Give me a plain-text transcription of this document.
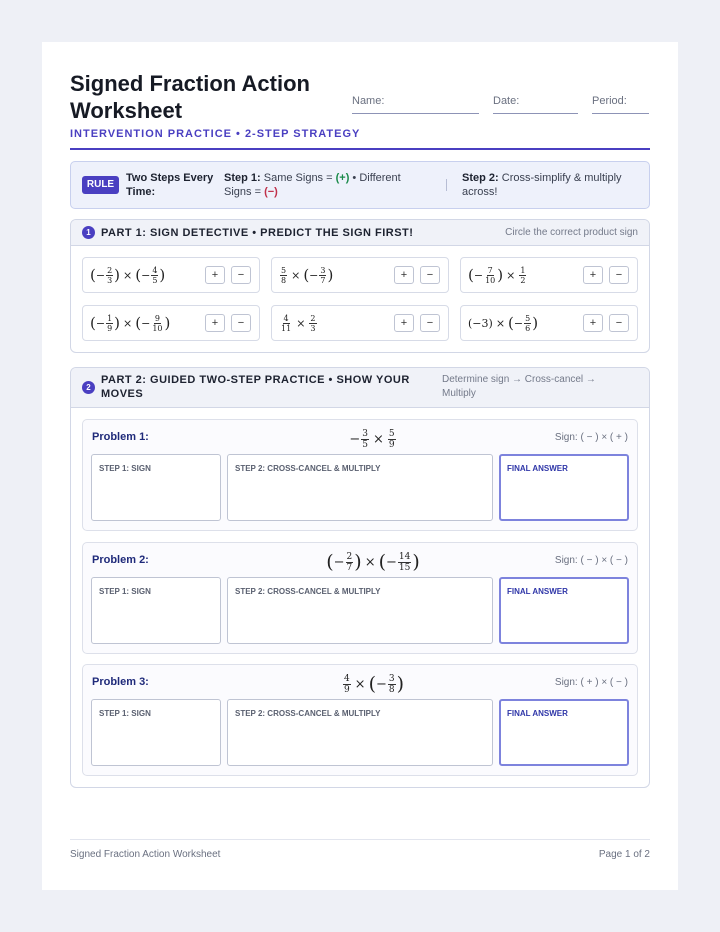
Signed Fraction Action Worksheet
INTERVENTION PRACTICE • 2-STEP STRATEGY
Name:	Date:	Period:
RULE
Two Steps Every Time:
Step 1: Same Signs = (+) • Different Signs = (−)
Step 2: Cross-simplify & multiply across!
1 PART 1: SIGN DETECTIVE • PREDICT THE SIGN FIRST!	Circle the correct product sign
( − $\frac{2}{3}$ ) × ( − $\frac{4}{5}$ )	+	−	$\frac{5}{8}$ × ( − $\frac{3}{7}$ )	+	−	( − $\frac{7}{10}$ ) × $\frac{1}{2}$	+	−
( − $\frac{1}{9}$ ) × ( − $\frac{9}{10}$ )	+	−	$\frac{4}{11} \times \frac{2}{3}$	+	−	(−3) × ( − $\frac{5}{6}$ )	+	−
2
PART 2: GUIDED TWO-STEP PRACTICE • SHOW YOUR MOVES
Determine sign → Cross-cancel → Multiply
Problem 1:	− $\frac{3}{5} \times \frac{5}{9}$	Sign: ( − ) × ( + )
STEP 1: SIGN	STEP 2: CROSS-CANCEL & MULTIPLY	FINAL ANSWER
Problem 2:	( − $\frac{2}{7}$ ) × ( − $\frac{14}{15}$ )	Sign: ( − ) × ( − )
STEP 1: SIGN	STEP 2: CROSS-CANCEL & MULTIPLY	FINAL ANSWER
Problem 3:	$\frac{4}{9}$ × ( − $\frac{3}{8}$ )	Sign: ( + ) × ( − )
STEP 1: SIGN	STEP 2: CROSS-CANCEL & MULTIPLY	FINAL ANSWER
Signed Fraction Action Worksheet	Page 1 of 2
